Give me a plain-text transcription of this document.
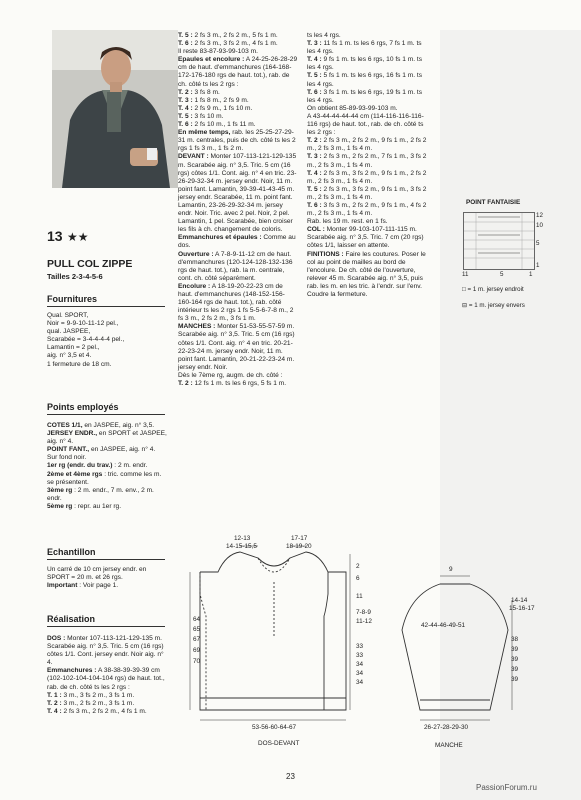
13 ★★
PULL COL ZIPPE
Tailles 2-3-4-5-6
Fournitures

Qual. SPORT,

Noir = 9-9-10-11-12 pel.,

qual. JASPEE,

Scarabée = 3-4-4-4-4 pel.,

Lamantin = 2 pel.,

aig. n° 3,5 et 4.

1 fermeture de 18 cm.

Points employés

COTES 1/1, en JASPEE, aig. n° 3,5.

JERSEY ENDR., en SPORT et JASPEE, aig. n° 4.

POINT FANT., en JASPEE, aig. n° 4. Sur fond noir.

1er rg (endr. du trav.) : 2 m. endr.

2ème et 4ème rgs : tric. comme les m. se présentent.

3ème rg : 2 m. endr., 7 m. env., 2 m. endr.

5ème rg : repr. au 1er rg.

Echantillon

Un carré de 10 cm jersey endr. en SPORT = 20 m. et 26 rgs.

Important : Voir page 1.

Réalisation

DOS : Monter 107-113-121-129-135 m. Scarabée aig. n° 3,5. Tric. 5 cm (16 rgs) côtes 1/1. Cont. jersey endr. Noir aig. n° 4.

Emmanchures : A 38-38-39-39-39 cm (102-102-104-104-104 rgs) de haut. tot., rab. de ch. côté ts les 2 rgs :

T. 1 : 3 m., 3 fs 2 m., 3 fs 1 m.

T. 2 : 3 m., 2 fs 2 m., 3 fs 1 m.

T. 4 : 2 fs 3 m., 2 fs 2 m., 4 fs 1 m.

T. 5 : 2 fs 3 m., 2 fs 2 m., 5 fs 1 m.

T. 6 : 2 fs 3 m., 3 fs 2 m., 4 fs 1 m.

Il reste 83-87-93-99-103 m.

Epaules et encolure : A 24-25-26-28-29 cm de haut. d'emmanchures (164-168-172-176-180 rgs de haut. tot.), rab. de ch. côté ts les 2 rgs :

T. 2 : 3 fs 8 m.

T. 3 : 1 fs 8 m., 2 fs 9 m.

T. 4 : 2 fs 9 m., 1 fs 10 m.

T. 5 : 3 fs 10 m.

T. 6 : 2 fs 10 m., 1 fs 11 m.

En même temps, rab. les 25-25-27-29-31 m. centrales, puis de ch. côté ts les 2 rgs 1 fs 3 m., 1 fs 2 m.

DEVANT : Monter 107-113-121-129-135 m. Scarabée aig. n° 3,5. Tric. 5 cm (16 rgs) côtes 1/1. Cont. aig. n° 4 en tric. 23-26-29-32-34 m. jersey endr. Noir, 11 m. point fant. Lamantin, 39-39-41-43-45 m. jersey endr. Scarabée, 11 m. point fant. Lamantin, 23-26-29-32-34 m. jersey endr. Noir. Tric. avec 2 pel. Noir, 2 pel. Lamantin, 1 pel. Scarabée, bien croiser les fils à ch. changement de coloris.

Emmanchures et épaules : Comme au dos.

Ouverture : A 7-8-9-11-12 cm de haut. d'emmanchures (120-124-128-132-136 rgs de haut. tot.), rab. la m. centrale, cont. ch. côté séparément.

Encolure : A 18-19-20-22-23 cm de haut. d'emmanchures (148-152-156-160-164 rgs de haut. tot.), rab. côté intérieur ts les 2 rgs 1 fs 5-5-6-7-8 m., 2 fs 3 m., 2 fs 2 m., 3 fs 1 m.

MANCHES : Monter 51-53-55-57-59 m. Scarabée aig. n° 3,5. Tric. 5 cm (16 rgs) côtes 1/1. Cont. aig. n° 4 en tric. 20-21-22-23-24 m. jersey endr. Noir, 11 m. point fant. Lamantin, 20-21-22-23-24 m. jersey endr. Noir.

Dès le 7ème rg, augm. de ch. côté :

T. 2 : 12 fs 1 m. ts les 6 rgs, 5 fs 1 m.

ts les 4 rgs.

T. 3 : 11 fs 1 m. ts les 6 rgs, 7 fs 1 m. ts les 4 rgs.

T. 4 : 9 fs 1 m. ts les 6 rgs, 10 fs 1 m. ts les 4 rgs.

T. 5 : 5 fs 1 m. ts les 6 rgs, 16 fs 1 m. ts les 4 rgs.

T. 6 : 3 fs 1 m. ts les 6 rgs, 19 fs 1 m. ts les 4 rgs.

On obtient 85-89-93-99-103 m.

A 43-44-44-44-44 cm (114-116-116-116-116 rgs) de haut. tot., rab. de ch. côté ts les 2 rgs :

T. 2 : 2 fs 3 m., 2 fs 2 m., 9 fs 1 m., 2 fs 2 m., 2 fs 3 m., 1 fs 4 m.

T. 3 : 2 fs 3 m., 2 fs 2 m., 7 fs 1 m., 3 fs 2 m., 2 fs 3 m., 1 fs 4 m.

T. 4 : 2 fs 3 m., 3 fs 2 m., 9 fs 1 m., 2 fs 2 m., 2 fs 3 m., 1 fs 4 m.

T. 5 : 2 fs 3 m., 3 fs 2 m., 9 fs 1 m., 3 fs 2 m., 2 fs 3 m., 1 fs 4 m.

T. 6 : 3 fs 3 m., 2 fs 2 m., 9 fs 1 m., 4 fs 2 m., 2 fs 3 m., 1 fs 4 m.

Rab. les 19 m. rest. en 1 fs.

COL : Monter 99-103-107-111-115 m. Scarabée aig. n° 3,5. Tric. 7 cm (20 rgs) côtes 1/1, laisser en attente.

FINITIONS : Faire les coutures. Poser le col au point de mailles au bord de l'encolure. De ch. côté de l'ouverture, relever 45 m. Scarabée aig. n° 3,5, puis rab. les m. en les tric. à l'endr. sur l'env. Coudre la fermeture.

POINT FANTAISIE
12
10
5
1
11	5	1
□ = 1 m. jersey endroit
⊟ = 1 m. jersey envers
12-13
14-15-15,5
17-17
18-19-20
2
6
11
7-8-9
11-12
33
33
34
34
34
64
65
67
69
70
53-56-60-64-67
DOS-DEVANT
9
42-44-46-49-51
14-14
15-16-17
38
39
39
39
39
26-27-28-29-30
MANCHE
23
PassionForum.ru
